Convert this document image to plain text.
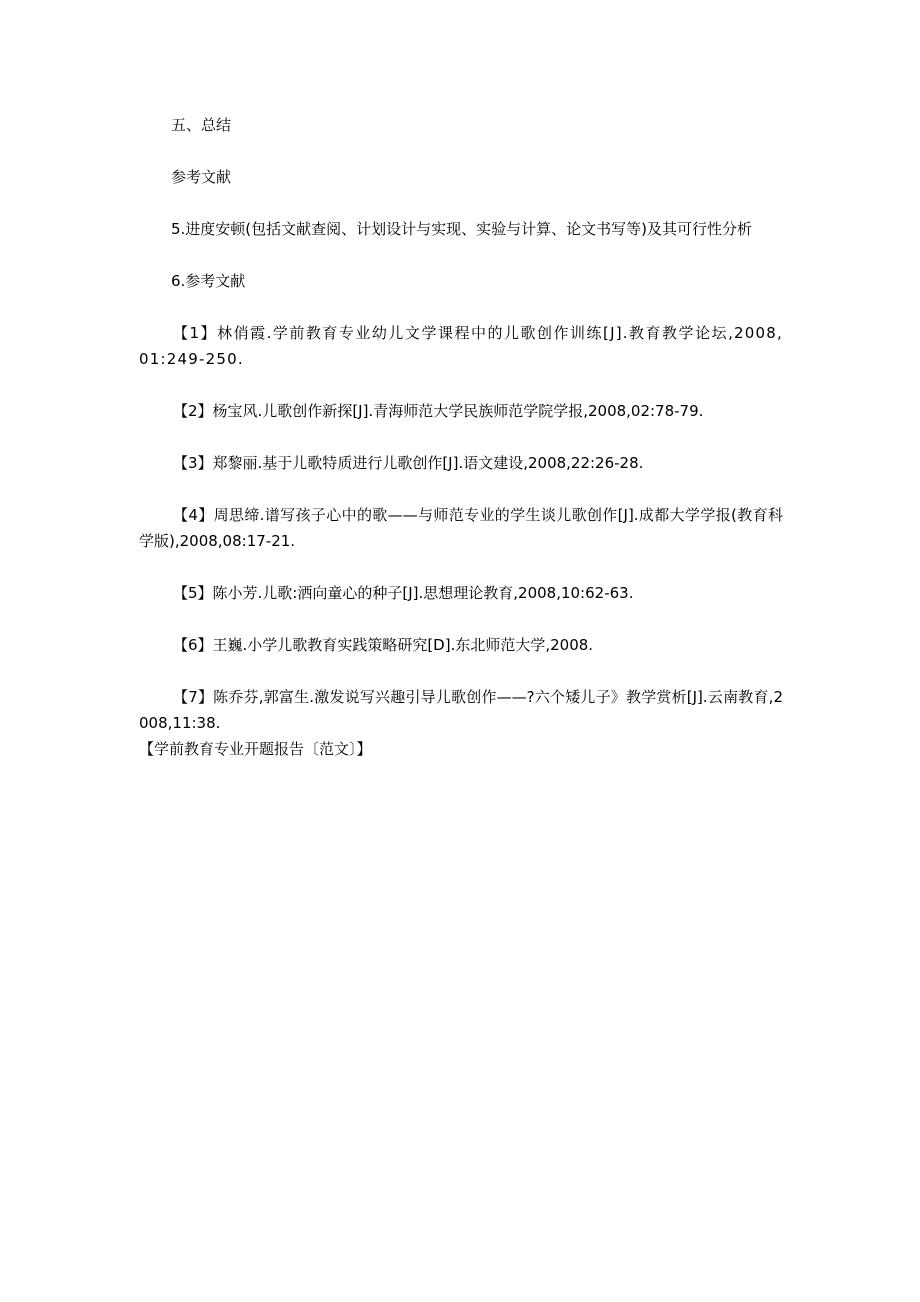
五、总结

参考文献

5.进度安顿(包括文献查阅、计划设计与实现、实验与计算、论文书写等)及其可行性分析

6.参考文献

【1】林俏霞.学前教育专业幼儿文学课程中的儿歌创作训练[J].教育教学论坛,2008,01:249-250.

【2】杨宝风.儿歌创作新探[J].青海师范大学民族师范学院学报,2008,02:78-79.

【3】郑黎丽.基于儿歌特质进行儿歌创作[J].语文建设,2008,22:26-28.

【4】周思缔.谱写孩子心中的歌——与师范专业的学生谈儿歌创作[J].成都大学学报(教育科学版),2008,08:17-21.

【5】陈小芳.儿歌:洒向童心的种子[J].思想理论教育,2008,10:62-63.

【6】王巍.小学儿歌教育实践策略研究[D].东北师范大学,2008.

【7】陈乔芬,郭富生.激发说写兴趣引导儿歌创作——?六个矮儿子》教学赏析[J].云南教育,2008,11:38.

【学前教育专业开题报告〔范文〕】
